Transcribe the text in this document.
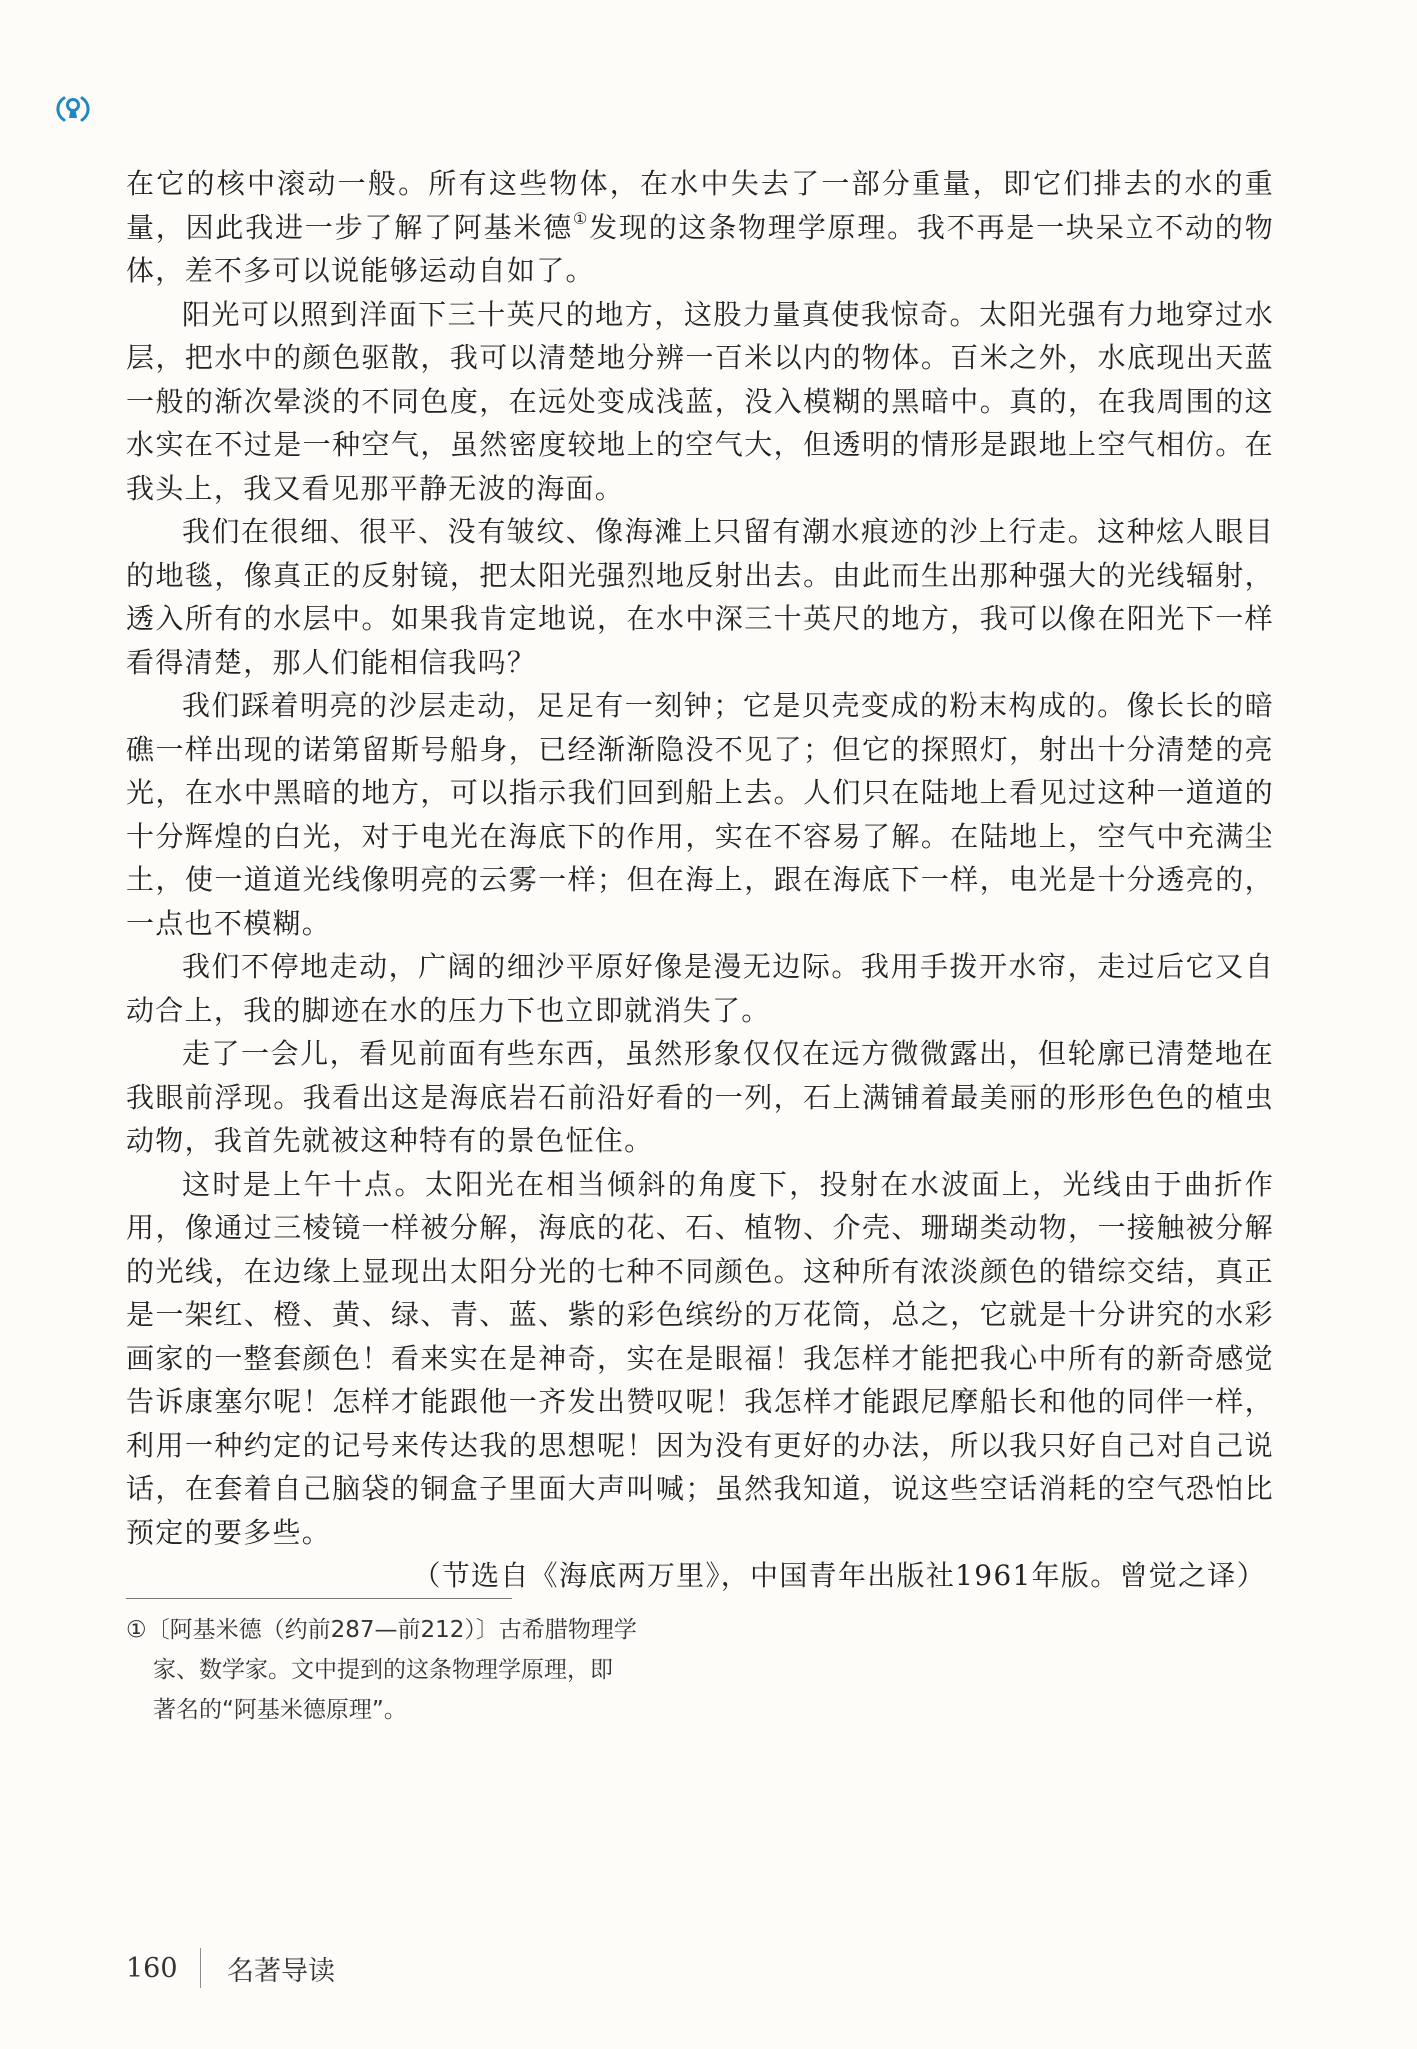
在它的核中滚动一般。所有这些物体，在水中失去了一部分重量，即它们排去的水的重量，因此我进一步了解了阿基米德①发现的这条物理学原理。我不再是一块呆立不动的物体，差不多可以说能够运动自如了。

阳光可以照到洋面下三十英尺的地方，这股力量真使我惊奇。太阳光强有力地穿过水层，把水中的颜色驱散，我可以清楚地分辨一百米以内的物体。百米之外，水底现出天蓝一般的渐次晕淡的不同色度，在远处变成浅蓝，没入模糊的黑暗中。真的，在我周围的这水实在不过是一种空气，虽然密度较地上的空气大，但透明的情形是跟地上空气相仿。在我头上，我又看见那平静无波的海面。

我们在很细、很平、没有皱纹、像海滩上只留有潮水痕迹的沙上行走。这种炫人眼目的地毯，像真正的反射镜，把太阳光强烈地反射出去。由此而生出那种强大的光线辐射，透入所有的水层中。如果我肯定地说，在水中深三十英尺的地方，我可以像在阳光下一样看得清楚，那人们能相信我吗？

我们踩着明亮的沙层走动，足足有一刻钟；它是贝壳变成的粉末构成的。像长长的暗礁一样出现的诺第留斯号船身，已经渐渐隐没不见了；但它的探照灯，射出十分清楚的亮光，在水中黑暗的地方，可以指示我们回到船上去。人们只在陆地上看见过这种一道道的十分辉煌的白光，对于电光在海底下的作用，实在不容易了解。在陆地上，空气中充满尘土，使一道道光线像明亮的云雾一样；但在海上，跟在海底下一样，电光是十分透亮的，一点也不模糊。

我们不停地走动，广阔的细沙平原好像是漫无边际。我用手拨开水帘，走过后它又自动合上，我的脚迹在水的压力下也立即就消失了。

走了一会儿，看见前面有些东西，虽然形象仅仅在远方微微露出，但轮廓已清楚地在我眼前浮现。我看出这是海底岩石前沿好看的一列，石上满铺着最美丽的形形色色的植虫动物，我首先就被这种特有的景色怔住。

这时是上午十点。太阳光在相当倾斜的角度下，投射在水波面上，光线由于曲折作用，像通过三棱镜一样被分解，海底的花、石、植物、介壳、珊瑚类动物，一接触被分解的光线，在边缘上显现出太阳分光的七种不同颜色。这种所有浓淡颜色的错综交结，真正是一架红、橙、黄、绿、青、蓝、紫的彩色缤纷的万花筒，总之，它就是十分讲究的水彩画家的一整套颜色！看来实在是神奇，实在是眼福！我怎样才能把我心中所有的新奇感觉告诉康塞尔呢！怎样才能跟他一齐发出赞叹呢！我怎样才能跟尼摩船长和他的同伴一样，利用一种约定的记号来传达我的思想呢！因为没有更好的办法，所以我只好自己对自己说话，在套着自己脑袋的铜盒子里面大声叫喊；虽然我知道，说这些空话消耗的空气恐怕比预定的要多些。

（节选自《海底两万里》，中国青年出版社1961年版。曾觉之译）

①〔阿基米德（约前287—前212）〕古希腊物理学
家、数学家。文中提到的这条物理学原理，即
著名的“阿基米德原理”。
160 名著导读
